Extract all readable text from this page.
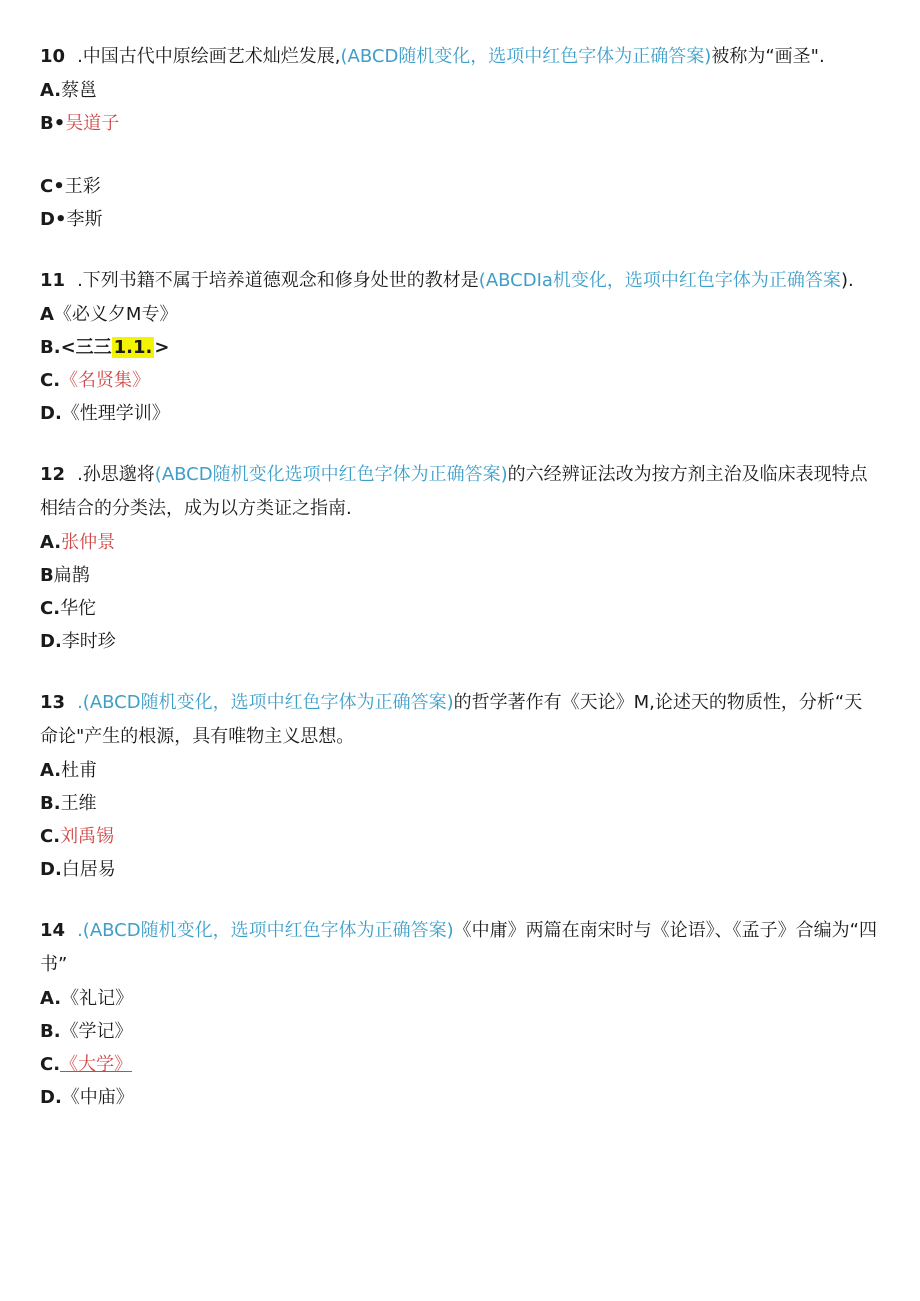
10 .中国古代中原绘画艺术灿烂发展,(ABCD随机变化，选项中红色字体为正确答案)被称为“画圣".

A.蔡邕

B•吴道子

C•王彩

D•李斯

11 .下列书籍不属于培养道德观念和修身处世的教材是(ABCDIa机变化，选项中红色字体为正确答案).

A《必义夕M专》

B.<三三 1.1. >

C.《名贤集》

D.《性理学训》

12 .孙思邈将(ABCD随机变化选项中红色字体为正确答案)的六经辨证法改为按方剂主治及临床表现特点相结合的分类法，成为以方类证之指南.

A.张仲景

B扁鹊

C.华佗

D.李时珍

13 .(ABCD随机变化，选项中红色字体为正确答案)的哲学著作有《天论》M,论述天的物质性，分析“天命论"产生的根源，具有唯物主义思想。

A.杜甫

B.王维

C.刘禹锡

D.白居易

14 .(ABCD随机变化，选项中红色字体为正确答案)《中庸》两篇在南宋时与《论语》、《孟子》合编为“四书”

A.《礼记》

B.《学记》

C.《大学》

D.《中庙》
